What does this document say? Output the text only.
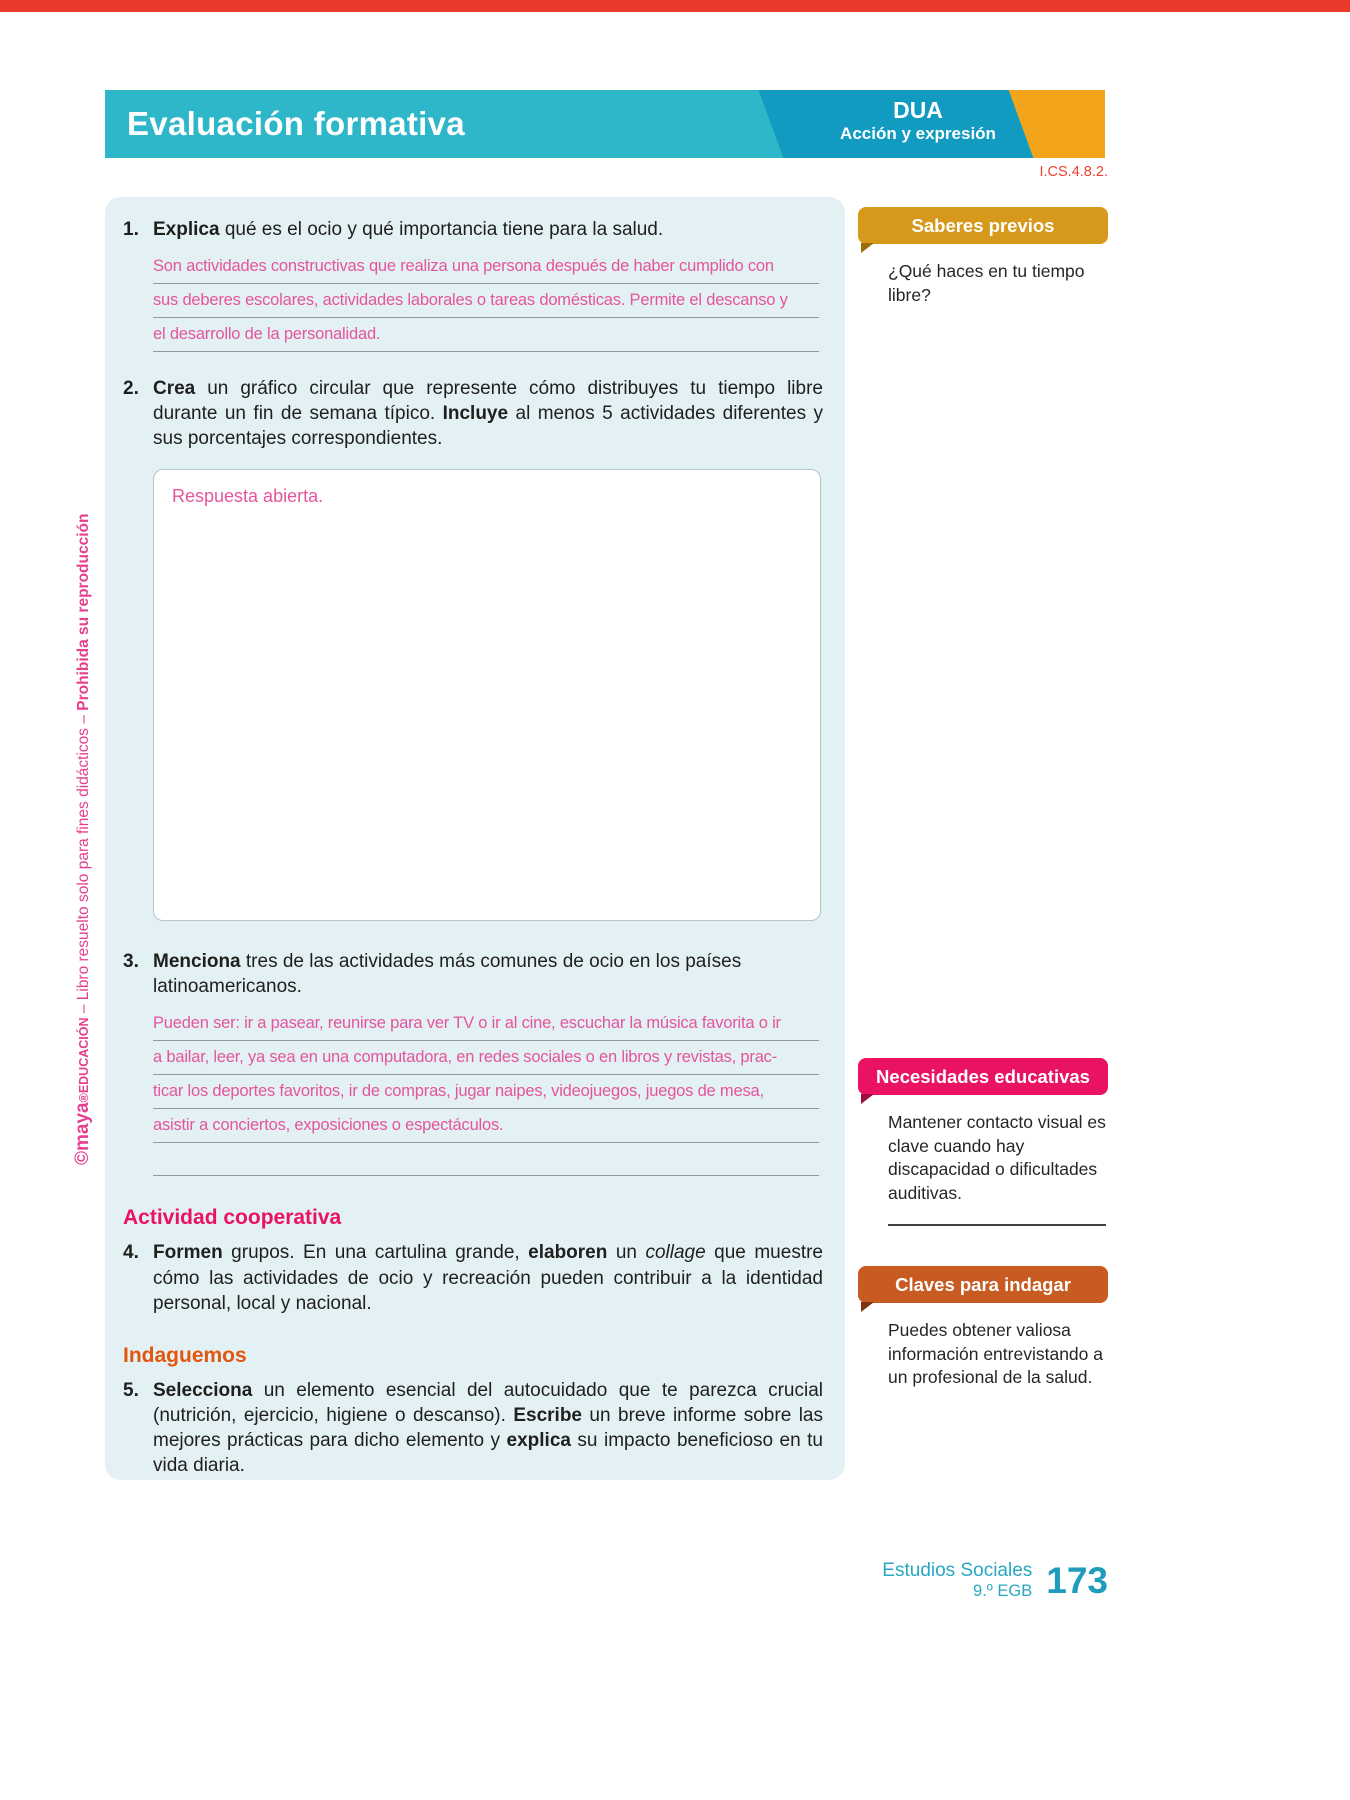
Evaluación formativa	DUA
Acción y expresión
I.CS.4.8.2.
1. Explica qué es el ocio y qué importancia tiene para la salud.

Son actividades constructivas que realiza una persona después de haber cumplido con
sus deberes escolares, actividades laborales o tareas domésticas. Permite el descanso y
el desarrollo de la personalidad.
2. Crea un gráfico circular que represente cómo distribuyes tu tiempo libre durante un fin de semana típico. Incluye al menos 5 actividades diferentes y sus porcentajes correspondientes.

Respuesta abierta.
3. Menciona tres de las actividades más comunes de ocio en los países latinoamericanos.

Pueden ser: ir a pasear, reunirse para ver TV o ir al cine, escuchar la música favorita o ir
a bailar, leer, ya sea en una computadora, en redes sociales o en libros y revistas, prac-
ticar los deportes favoritos, ir de compras, jugar naipes, videojuegos, juegos de mesa,
asistir a conciertos, exposiciones o espectáculos.
Actividad cooperativa
4. Formen grupos. En una cartulina grande, elaboren un collage que muestre cómo las actividades de ocio y recreación pueden contribuir a la identidad personal, local y nacional.

Indaguemos
5. Selecciona un elemento esencial del autocuidado que te parezca crucial (nutrición, ejercicio, higiene o descanso). Escribe un breve informe sobre las mejores prácticas para dicho elemento y explica su impacto beneficioso en tu vida diaria.

Saberes previos
¿Qué haces en tu tiempo libre?
Necesidades educativas
Mantener contacto visual es clave cuando hay discapacidad o dificultades auditivas.
Claves para indagar
Puedes obtener valiosa información entrevistando a un profesional de la salud.
Estudios Sociales
9.º EGB 173
©maya®EDUCACIÓN – Libro resuelto solo para fines didácticos – Prohibida su reproducción
